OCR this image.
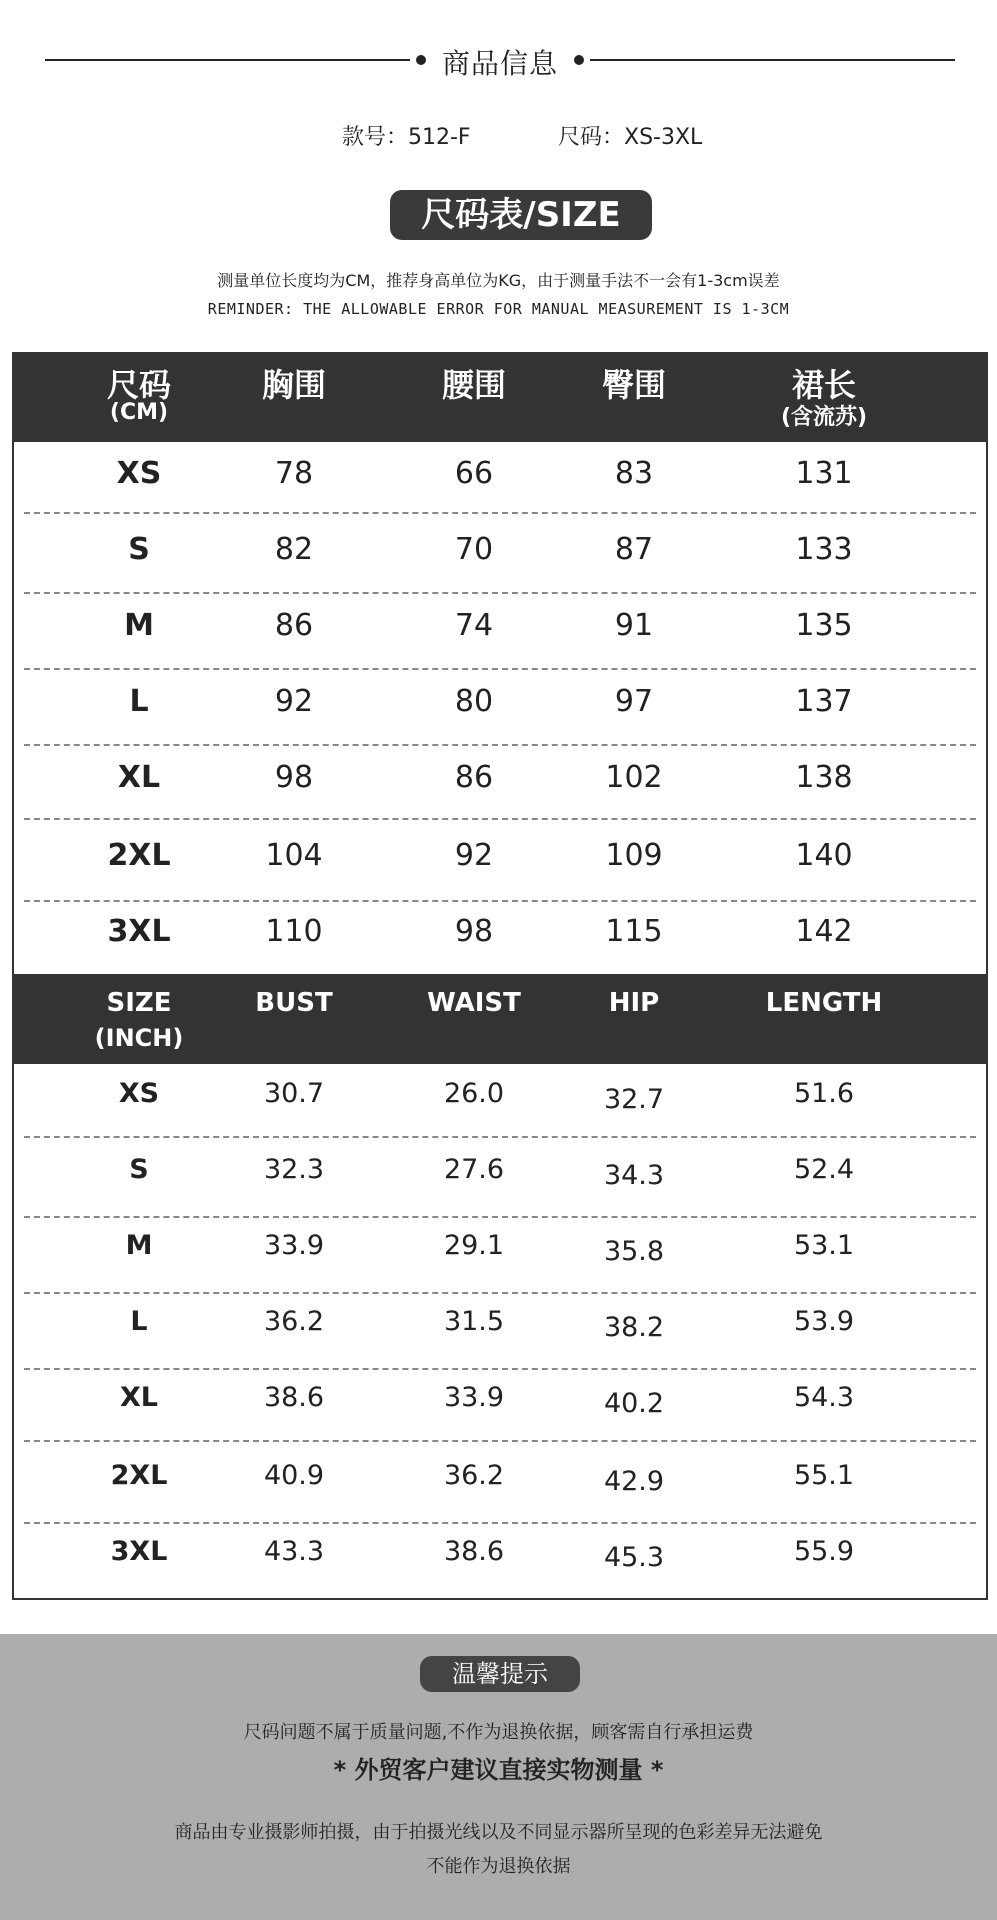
商品信息
款号：512-F	尺码：XS-3XL
尺码表/SIZE
测量单位长度均为CM，推荐身高单位为KG，由于测量手法不一会有1-3cm误差
REMINDER: THE ALLOWABLE ERROR FOR MANUAL MEASUREMENT IS 1-3CM
尺码
(CM)
胸围	腰围	臀围	裙长
(含流苏)
XS	78	66	83	131
S	82	70	87	133
M	86	74	91	135
L	92	80	97	137
XL	98	86	102	138
2XL	104	92	109	140
3XL	110	98	115	142
SIZE
(INCH)
BUST	WAIST	HIP	LENGTH
XS	30.7	26.0	32.7	51.6
S	32.3	27.6	34.3	52.4
M	33.9	29.1	35.8	53.1
L	36.2	31.5	38.2	53.9
XL	38.6	33.9	40.2	54.3
2XL	40.9	36.2	42.9	55.1
3XL	43.3	38.6	45.3	55.9
温馨提示
尺码问题不属于质量问题,不作为退换依据，顾客需自行承担运费
* 外贸客户建议直接实物测量 *
商品由专业摄影师拍摄，由于拍摄光线以及不同显示器所呈现的色彩差异无法避免
不能作为退换依据
